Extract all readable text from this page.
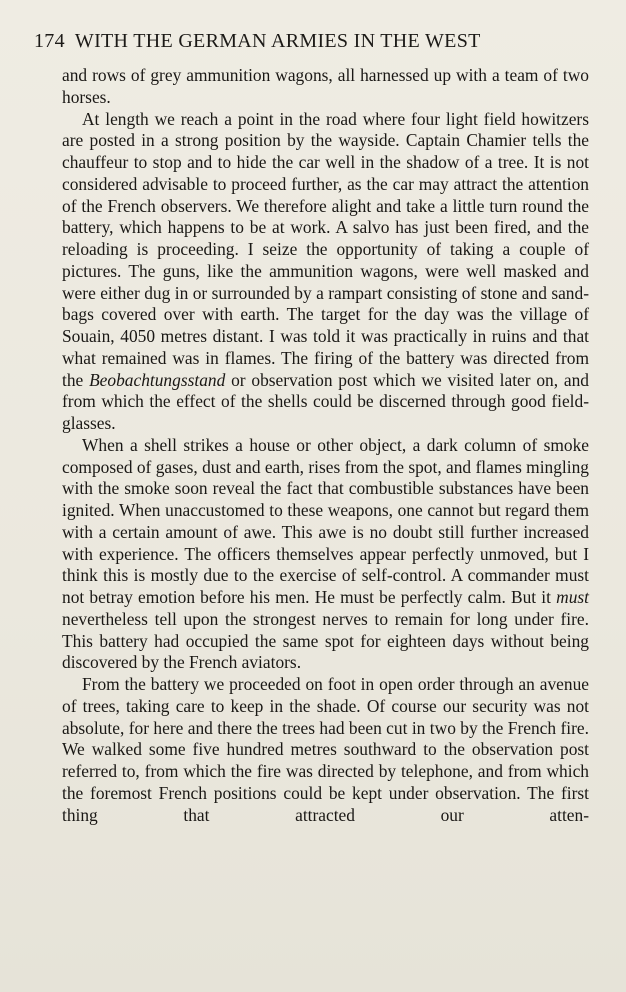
174 WITH THE GERMAN ARMIES IN THE WEST

and rows of grey ammunition wagons, all harnessed up with a team of two horses.

At length we reach a point in the road where four light field howitzers are posted in a strong position by the wayside. Captain Chamier tells the chauffeur to stop and to hide the car well in the shadow of a tree. It is not considered advisable to proceed further, as the car may attract the attention of the French observers. We therefore alight and take a little turn round the battery, which happens to be at work. A salvo has just been fired, and the reloading is proceeding. I seize the opportunity of taking a couple of pictures. The guns, like the ammunition wagons, were well masked and were either dug in or surrounded by a rampart consisting of stone and sand-bags covered over with earth. The target for the day was the village of Souain, 4050 metres distant. I was told it was practically in ruins and that what remained was in flames. The firing of the battery was directed from the Beobachtungsstand or observation post which we visited later on, and from which the effect of the shells could be discerned through good field-glasses.

When a shell strikes a house or other object, a dark column of smoke composed of gases, dust and earth, rises from the spot, and flames mingling with the smoke soon reveal the fact that combustible substances have been ignited. When unaccustomed to these weapons, one cannot but regard them with a certain amount of awe. This awe is no doubt still further increased with experience. The officers themselves appear perfectly unmoved, but I think this is mostly due to the exercise of self-control. A commander must not betray emotion before his men. He must be perfectly calm. But it must nevertheless tell upon the strongest nerves to remain for long under fire. This battery had occupied the same spot for eighteen days without being discovered by the French aviators.

From the battery we proceeded on foot in open order through an avenue of trees, taking care to keep in the shade. Of course our security was not absolute, for here and there the trees had been cut in two by the French fire. We walked some five hundred metres southward to the observation post referred to, from which the fire was directed by telephone, and from which the foremost French positions could be kept under observation. The first thing that attracted our atten-
